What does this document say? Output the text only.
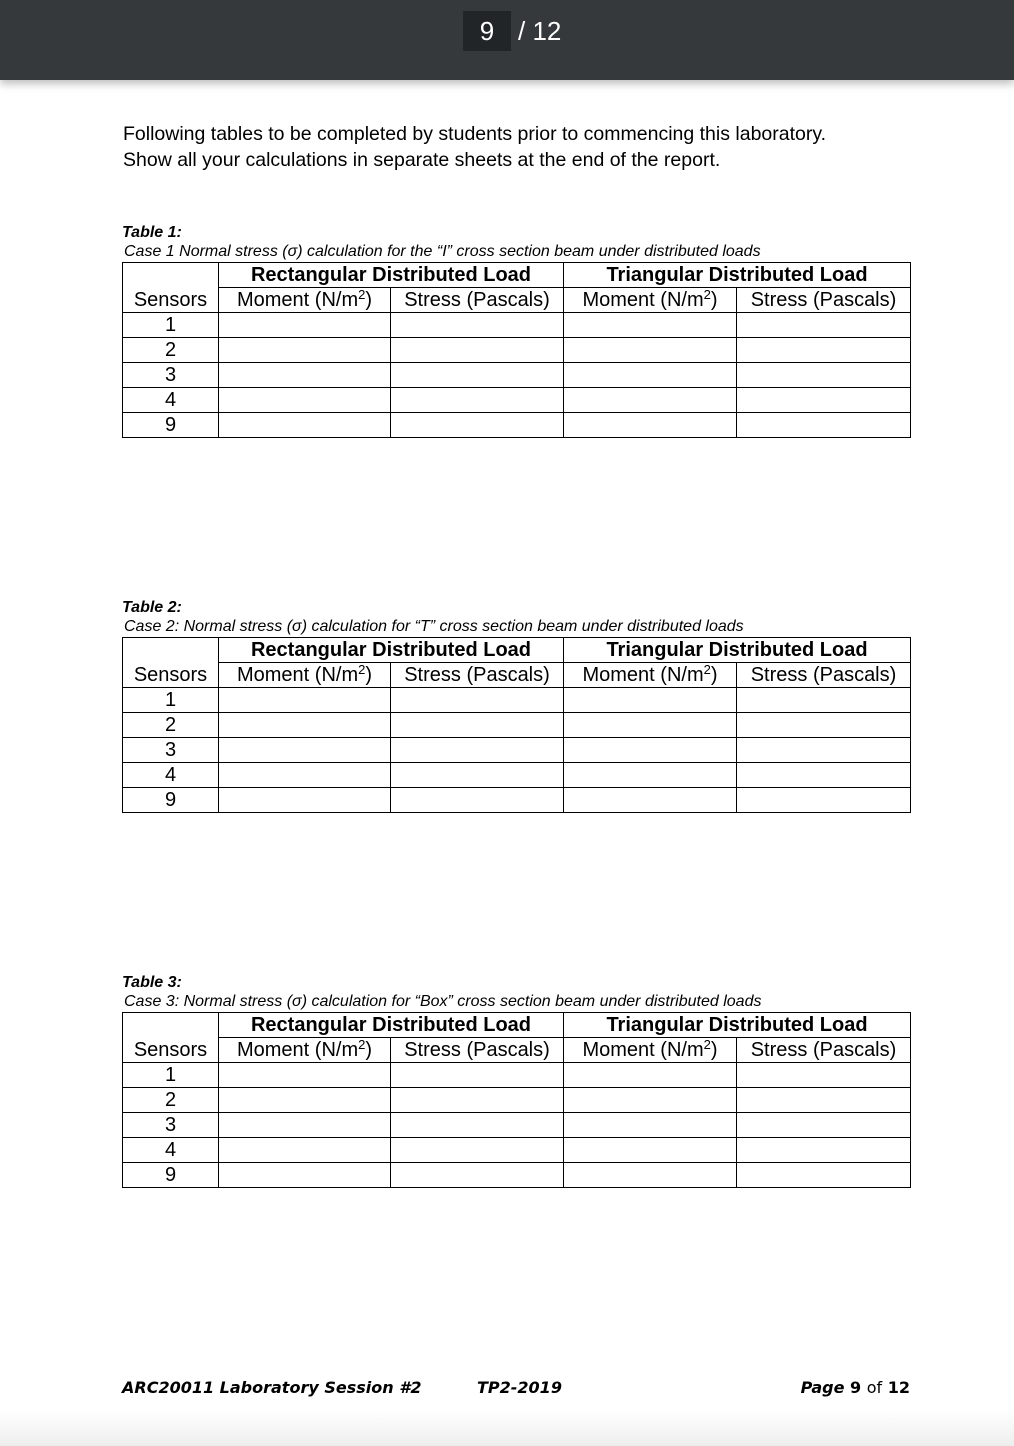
9 / 12
Following tables to be completed by students prior to commencing this laboratory.
Show all your calculations in separate sheets at the end of the report.
Table 1:
Case 1 Normal stress (σ) calculation for the “I” cross section beam under distributed loads
	Rectangular Distributed Load		Triangular Distributed Load	
Sensors	Moment $(N/m^2)$	Stress (Pascals)	Moment $(N/m^2)$	Stress (Pascals)
1				
2				
3				
4				
9				
Table 2:
Case 2: Normal stress (σ) calculation for “T” cross section beam under distributed loads
	Rectangular Distributed Load		Triangular Distributed Load	
Sensors	Moment $(N/m^2)$	Stress (Pascals)	Moment $(N/m^2)$	Stress (Pascals)
1				
2				
3				
4				
9				
Table 3:
Case 3: Normal stress (σ) calculation for “Box” cross section beam under distributed loads
	Rectangular Distributed Load		Triangular Distributed Load	
Sensors	Moment $(N/m^2)$	Stress (Pascals)	Moment $(N/m^2)$	Stress (Pascals)
1				
2				
3				
4				
9				
ARC20011 Laboratory Session #2	TP2-2019	Page 9 of 12
